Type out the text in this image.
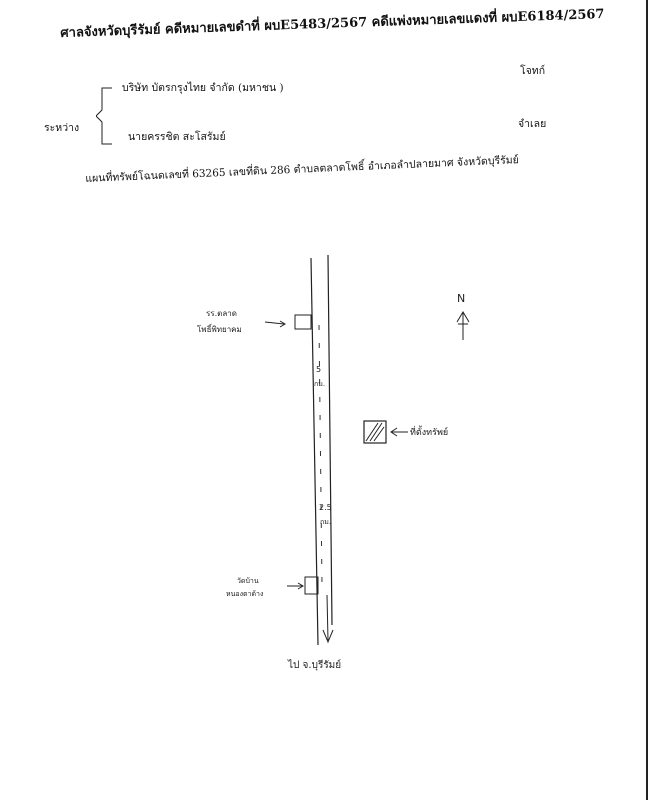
ศาลจังหวัดบุรีรัมย์ คดีหมายเลขดำที่ ผบE5483/2567 คดีแพ่งหมายเลขแดงที่ ผบE6184/2567
โจทก์
บริษัท บัตรกรุงไทย จำกัด (มหาชน )
ระหว่าง	จำเลย
นายครรชิต สะโสรัมย์
แผนที่ทรัพย์โฉนดเลขที่ 63265 เลขที่ดิน 286 ตำบลตลาดโพธิ์ อำเภอลำปลายมาศ จังหวัดบุรีรัมย์
รร.ตลาด
โพธิ์พิทยาคม
5
กม.
N
ที่ตั้งทรัพย์
2.5
กม.
วัดบ้าน
หนองตาด้าง
ไป จ.บุรีรัมย์
